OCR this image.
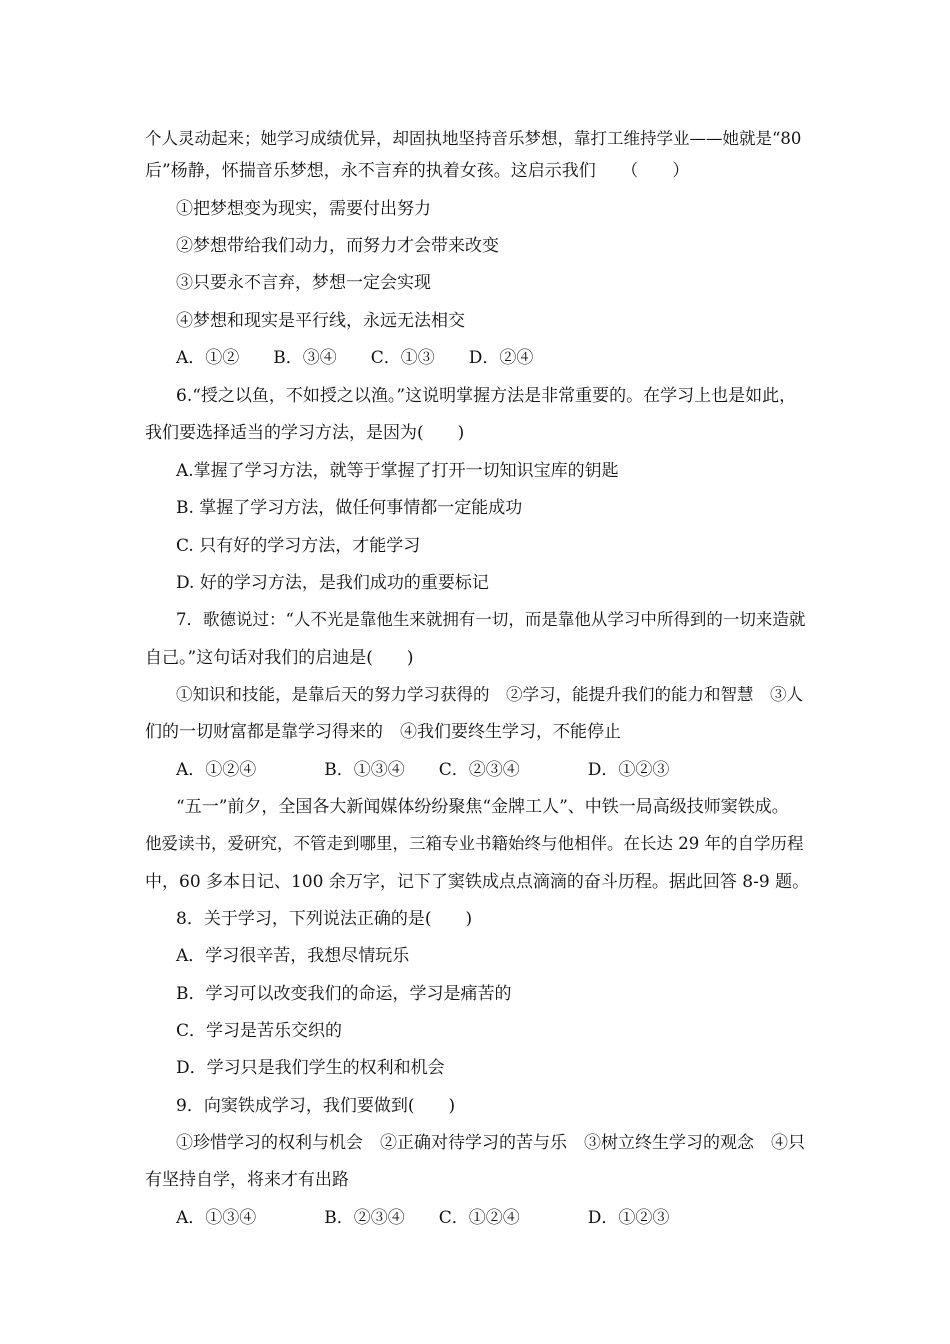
个人灵动起来；她学习成绩优异，却固执地坚持音乐梦想，靠打工维持学业——她就是“80
后”杨静，怀揣音乐梦想，永不言弃的执着女孩。这启示我们　　（　　）
①把梦想变为现实，需要付出努力
②梦想带给我们动力，而努力才会带来改变
③只要永不言弃，梦想一定会实现
④梦想和现实是平行线，永远无法相交
A．①②　　B．③④　　C．①③　　D．②④
6.“授之以鱼，不如授之以渔。”这说明掌握方法是非常重要的。在学习上也是如此，
我们要选择适当的学习方法，是因为(　　)
A.掌握了学习方法，就等于掌握了打开一切知识宝库的钥匙
B. 掌握了学习方法，做任何事情都一定能成功
C. 只有好的学习方法，才能学习
D. 好的学习方法，是我们成功的重要标记
7．歌德说过：“人不光是靠他生来就拥有一切，而是靠他从学习中所得到的一切来造就
自己。”这句话对我们的启迪是(　　)
①知识和技能，是靠后天的努力学习获得的　②学习，能提升我们的能力和智慧　③人
们的一切财富都是靠学习得来的　④我们要终生学习，不能停止
A．①②④　　　　B．①③④　　C．②③④　　　　D．①②③
“五一”前夕，全国各大新闻媒体纷纷聚焦“金牌工人”、中铁一局高级技师窦铁成。
他爱读书，爱研究，不管走到哪里，三箱专业书籍始终与他相伴。在长达 29 年的自学历程
中，60 多本日记、100 余万字，记下了窦铁成点点滴滴的奋斗历程。据此回答 8-9 题。
8．关于学习，下列说法正确的是(　　)
A．学习很辛苦，我想尽情玩乐
B．学习可以改变我们的命运，学习是痛苦的
C．学习是苦乐交织的
D．学习只是我们学生的权利和机会
9．向窦铁成学习，我们要做到(　　)
①珍惜学习的权利与机会　②正确对待学习的苦与乐　③树立终生学习的观念　④只
有坚持自学，将来才有出路
A．①③④　　　　B．②③④　　C．①②④　　　　D．①②③
